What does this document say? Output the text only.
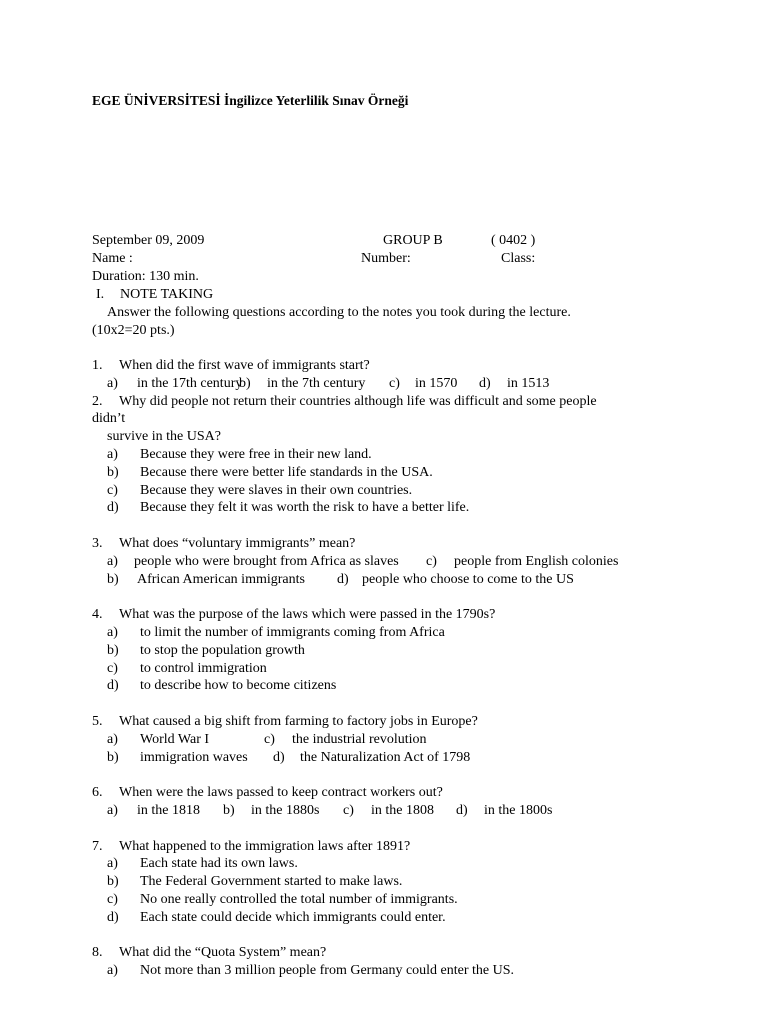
EGE ÜNİVERSİTESİ İngilizce Yeterlilik Sınav Örneği
September 09, 2009	GROUP B	( 0402 )
Name :	Number:	Class:
Duration: 130 min.
I. NOTE TAKING
Answer the following questions according to the notes you took during the lecture.
(10x2=20 pts.)
1. When did the first wave of immigrants start?
a) in the 17th centuryb) in the 7th century c) in 1570 d) in 1513
2. Why did people not return their countries although life was difficult and some people
didn’t
survive in the USA?
a) Because they were free in their new land.
b) Because there were better life standards in the USA.
c) Because they were slaves in their own countries.
d) Because they felt it was worth the risk to have a better life.
3. What does “voluntary immigrants” mean?
a) people who were brought from Africa as slaves c) people from English colonies
b) African American immigrants d) people who choose to come to the US
4. What was the purpose of the laws which were passed in the 1790s?
a) to limit the number of immigrants coming from Africa
b) to stop the population growth
c) to control immigration
d) to describe how to become citizens
5. What caused a big shift from farming to factory jobs in Europe?
a) World War I	c) the industrial revolution
b) immigration waves d) the Naturalization Act of 1798
6. When were the laws passed to keep contract workers out?
a) in the 1818 b) in the 1880s c) in the 1808 d) in the 1800s
7. What happened to the immigration laws after 1891?
a) Each state had its own laws.
b) The Federal Government started to make laws.
c) No one really controlled the total number of immigrants.
d) Each state could decide which immigrants could enter.
8. What did the “Quota System” mean?
a) Not more than 3 million people from Germany could enter the US.
